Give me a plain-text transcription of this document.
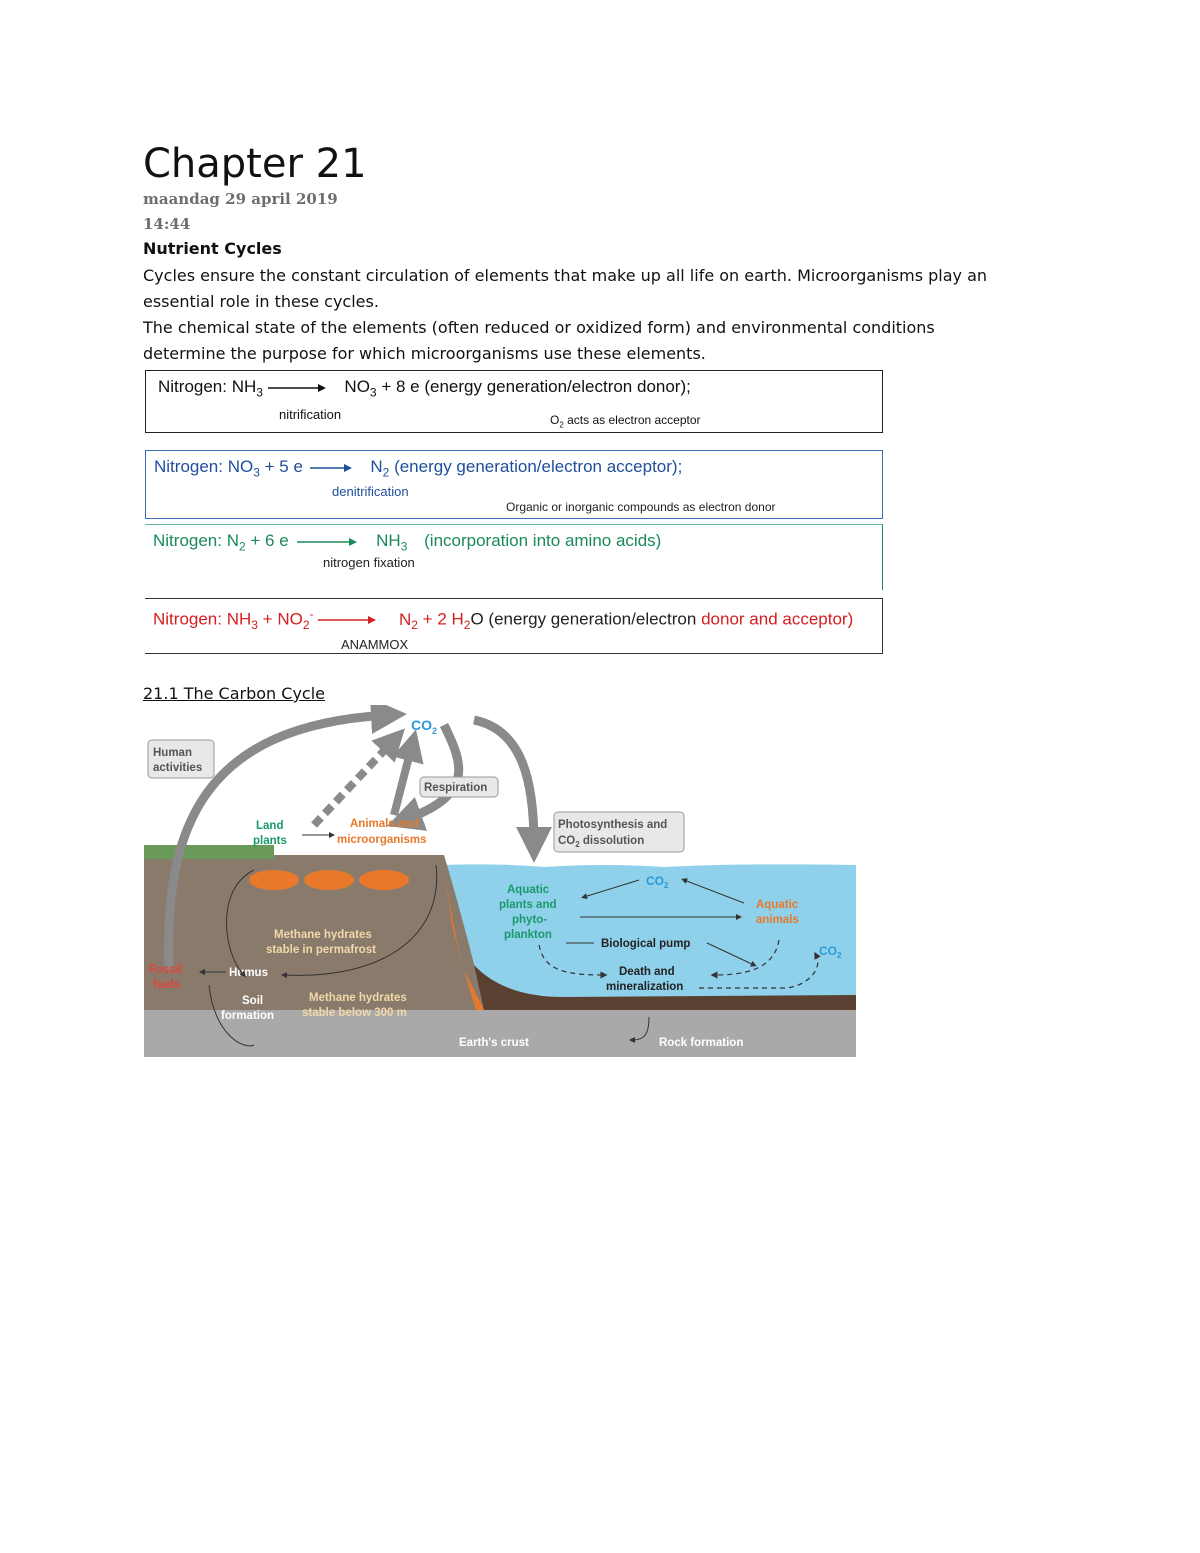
Chapter 21
maandag 29 april 2019
14:44
Nutrient Cycles
Cycles ensure the constant circulation of elements that make up all life on earth. Microorganisms play an
essential role in these cycles.
The chemical state of the elements (often reduced or oxidized form) and environmental conditions
determine the purpose for which microorganisms use these elements.
Nitrogen: $NH_3 \to NO_3 + 8$ e (energy generation/electron donor);
nitrification	$O_2$ acts as electron acceptor
Nitrogen: $NO_3 + 5$ $e \to N_2$ (energy generation/electron acceptor);
denitrification
Organic or inorganic compounds as electron donor
Nitrogen: $N_2 + 6$ $e \to NH_3$ (incorporation into amino acids)
nitrogen fixation
Nitrogen: $NH_3 + NO_2^- \to N_2 + 2$ $H_2O$ (energy generation/electron donor and acceptor)
ANAMMOX
21.1 The Carbon Cycle
$CO_2$
Human
activities
Respiration
Photosynthesis and
$CO_2$ dissolution
Land
plants
Animals and
microorganisms
Methane hydrates
stable in permafrost
Fossil
fuels
Humus
Soil
formation
Methane hydrates
stable below 300 m
Aquatic
plants and
phyto-
plankton
$CO_2$
Aquatic
animals
Biological pump	$CO_2$
Death and
mineralization
Earth's crust	Rock formation
